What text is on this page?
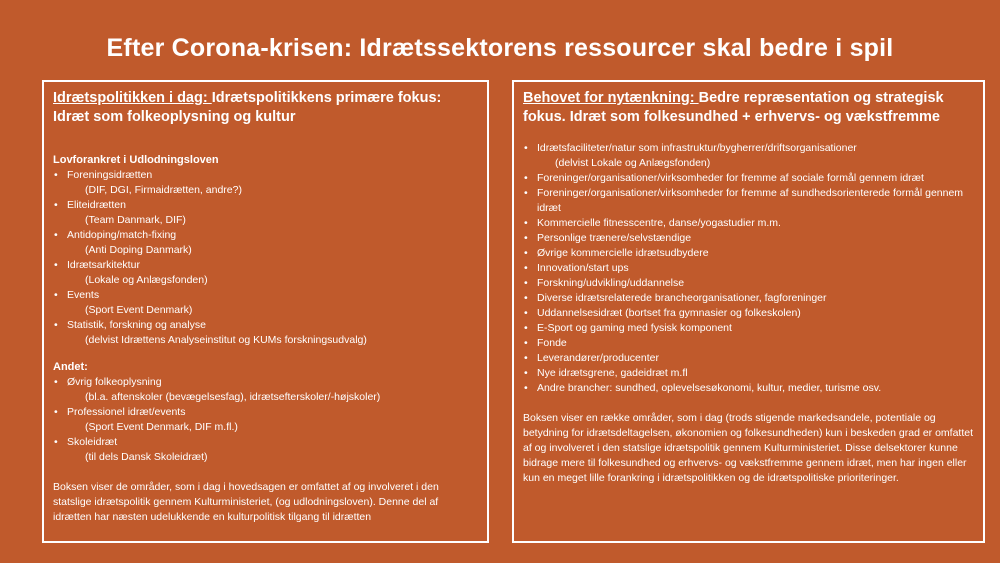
Efter Corona-krisen: Idrætssektorens ressourcer skal bedre i spil
Idrætspolitikken i dag: Idrætspolitikkens primære fokus: Idræt som folkeoplysning og kultur
Lovforankret i Udlodningsloven
• Foreningsidrætten
(DIF, DGI, Firmaidrætten, andre?)
• Eliteidrætten
(Team Danmark, DIF)
• Antidoping/match-fixing
(Anti Doping Danmark)
• Idrætsarkitektur
(Lokale og Anlægsfonden)
• Events
(Sport Event Denmark)
• Statistik, forskning og analyse
(delvist Idrættens Analyseinstitut og KUMs forskningsudvalg)
Andet:
• Øvrig folkeoplysning
(bl.a. aftenskoler (bevægelsesfag), idrætsefterskoler/-højskoler)
• Professionel idræt/events
(Sport Event Denmark, DIF m.fl.)
• Skoleidræt
(til dels Dansk Skoleidræt)
Boksen viser de områder, som i dag i hovedsagen er omfattet af og involveret i den statslige idrætspolitik gennem Kulturministeriet, (og udlodningsloven). Denne del af idrætten har næsten udelukkende en kulturpolitisk tilgang til idrætten
Behovet for nytænkning: Bedre repræsentation og strategisk fokus. Idræt som folkesundhed + erhvervs- og vækstfremme
• Idrætsfaciliteter/natur som infrastruktur/bygherrer/driftsorganisationer
(delvist Lokale og Anlægsfonden)
• Foreninger/organisationer/virksomheder for fremme af sociale formål gennem idræt
• Foreninger/organisationer/virksomheder for fremme af sundhedsorienterede formål gennem idræt
• Kommercielle fitnesscentre, danse/yogastudier m.m.
• Personlige trænere/selvstændige
• Øvrige kommercielle idrætsudbydere
• Innovation/start ups
• Forskning/udvikling/uddannelse
• Diverse idrætsrelaterede brancheorganisationer, fagforeninger
• Uddannelsesidræt (bortset fra gymnasier og folkeskolen)
• E-Sport og gaming med fysisk komponent
• Fonde
• Leverandører/producenter
• Nye idrætsgrene, gadeidræt m.fl
• Andre brancher: sundhed, oplevelsesøkonomi, kultur, medier, turisme osv.
Boksen viser en række områder, som i dag (trods stigende markedsandele, potentiale og betydning for idrætsdeltagelsen, økonomien og folkesundheden) kun i beskeden grad er omfattet af og involveret i den statslige idrætspolitik gennem Kulturministeriet. Disse delsektorer kunne bidrage mere til folkesundhed og erhvervs- og vækstfremme gennem idræt, men har ingen eller kun en meget lille forankring i idrætspolitikken og de idrætspolitiske prioriteringer.
